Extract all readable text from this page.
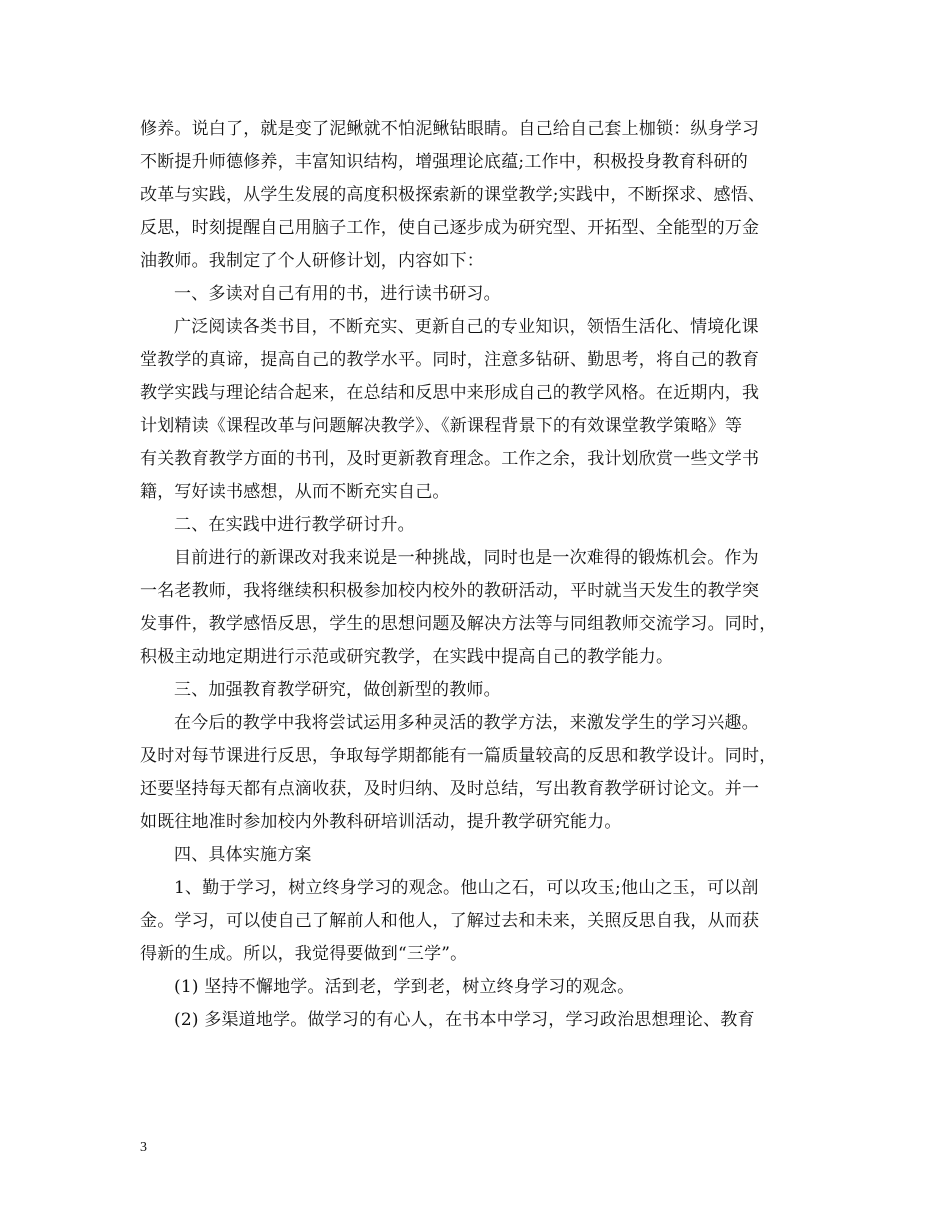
修养。说白了，就是变了泥鳅就不怕泥鳅钻眼睛。自己给自己套上枷锁：纵身学习
不断提升师德修养，丰富知识结构，增强理论底蕴;工作中，积极投身教育科研的
改革与实践，从学生发展的高度积极探索新的课堂教学;实践中，不断探求、感悟、
反思，时刻提醒自己用脑子工作，使自己逐步成为研究型、开拓型、全能型的万金
油教师。我制定了个人研修计划，内容如下：
一、多读对自己有用的书，进行读书研习。
广泛阅读各类书目，不断充实、更新自己的专业知识，领悟生活化、情境化课
堂教学的真谛，提高自己的教学水平。同时，注意多钻研、勤思考，将自己的教育
教学实践与理论结合起来，在总结和反思中来形成自己的教学风格。在近期内，我
计划精读《课程改革与问题解决教学》、《新课程背景下的有效课堂教学策略》等
有关教育教学方面的书刊，及时更新教育理念。工作之余，我计划欣赏一些文学书
籍，写好读书感想，从而不断充实自己。
二、在实践中进行教学研讨升。
目前进行的新课改对我来说是一种挑战，同时也是一次难得的锻炼机会。作为
一名老教师，我将继续积积极参加校内校外的教研活动，平时就当天发生的教学突
发事件，教学感悟反思，学生的思想问题及解决方法等与同组教师交流学习。同时，
积极主动地定期进行示范或研究教学，在实践中提高自己的教学能力。
三、加强教育教学研究，做创新型的教师。
在今后的教学中我将尝试运用多种灵活的教学方法，来激发学生的学习兴趣。
及时对每节课进行反思，争取每学期都能有一篇质量较高的反思和教学设计。同时，
还要坚持每天都有点滴收获，及时归纳、及时总结，写出教育教学研讨论文。并一
如既往地准时参加校内外教科研培训活动，提升教学研究能力。
四、具体实施方案
1、勤于学习，树立终身学习的观念。他山之石，可以攻玉;他山之玉，可以剖
金。学习，可以使自己了解前人和他人，了解过去和未来，关照反思自我，从而获
得新的生成。所以，我觉得要做到“三学”。
(1) 坚持不懈地学。活到老，学到老，树立终身学习的观念。
(2) 多渠道地学。做学习的有心人，在书本中学习，学习政治思想理论、教育
3
